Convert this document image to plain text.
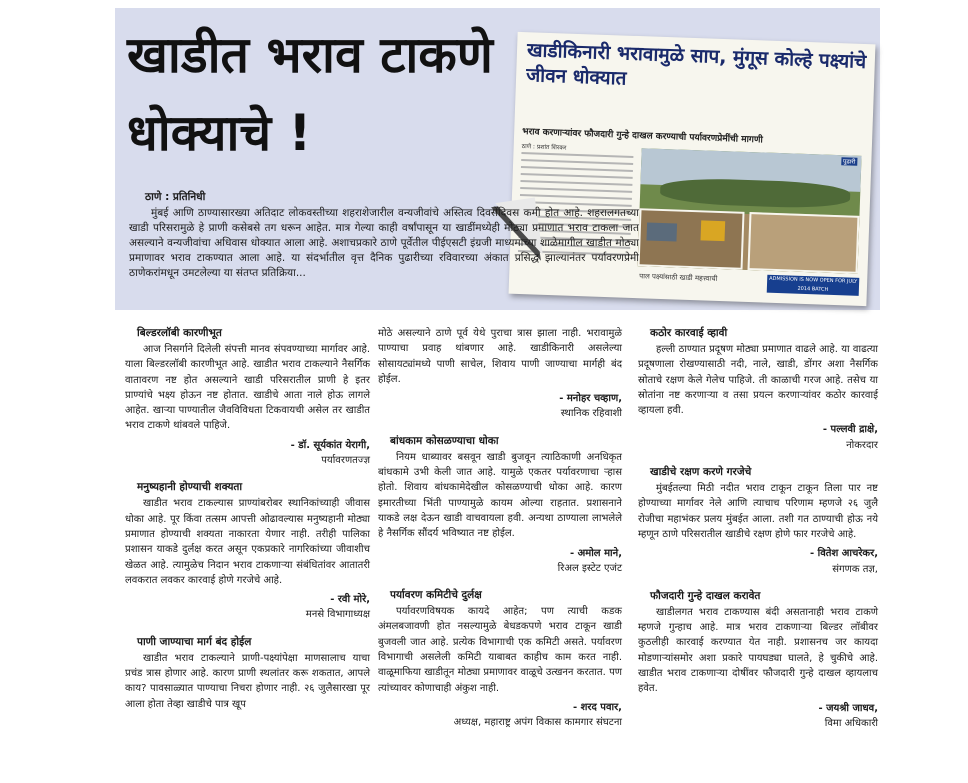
खाडीत भराव टाकणे धोक्याचे !
खाडीकिनारी भरावामुळे साप, मुंगूस कोल्हे पक्ष्यांचे जीवन धोक्यात
भराव करणाऱ्यांवर फौजदारी गुन्हे दाखल करण्याची पर्यावरणप्रेमींची मागणी
ठाणे : प्रशांत शिरकर
पुढारी
पाल पक्ष्यांसाठी खाडी महत्त्वाची	ADMISSION IS NOW OPEN FOR JULY 2014 BATCH
ठाणे : प्रतिनिधी
मुंबई आणि ठाण्यासारख्या अतिदाट लोकवस्तीच्या शहराशेजारील वन्यजीवांचे अस्तित्व दिवसेंदिवस कमी होत आहे. शहरालगतच्या खाडी परिसरामुळे हे प्राणी कसेबसे तग धरून आहेत. मात्र गेल्या काही वर्षांपासून या खाडींमध्येही मोठ्या प्रमाणात भराव टाकला जात असल्याने वन्यजीवांचा अधिवास धोक्यात आला आहे. अशाचप्रकारे ठाणे पूर्वेतील पीईएसटी इंग्रजी माध्यमाच्या शाळेमागील खाडीत मोठ्या प्रमाणावर भराव टाकण्यात आला आहे. या संदर्भातील वृत्त दैनिक पुढारीच्या रविवारच्या अंकात प्रसिद्ध झाल्यानंतर पर्यावरणप्रेमी ठाणेकरांमधून उमटलेल्या या संतप्त प्रतिक्रिया...
बिल्डरलॉबी कारणीभूत

आज निसर्गाने दिलेली संपत्ती मानव संपवण्याच्या मार्गावर आहे. याला बिल्डरलॉबी कारणीभूत आहे. खाडीत भराव टाकल्याने नैसर्गिक वातावरण नष्ट होत असल्याने खाडी परिसरातील प्राणी हे इतर प्राण्यांचे भक्ष्य होऊन नष्ट होतात. खाडीचे आता नाले होऊ लागले आहेत. खाऱ्या पाण्यातील जैवविविधता टिकवायची असेल तर खाडीत भराव टाकणे थांबवले पाहिजे.

- डॉ. सूर्यकांत येरागी,
पर्यावरणतज्ज्ञ
मनुष्यहानी होण्याची शक्यता

खाडीत भराव टाकल्यास प्राण्यांबरोबर स्थानिकांच्याही जीवास धोका आहे. पूर किंवा तत्सम आपत्ती ओढावल्यास मनुष्यहानी मोठ्या प्रमाणात होण्याची शक्यता नाकारता येणार नाही. तरीही पालिका प्रशासन याकडे दुर्लक्ष करत असून एकप्रकारे नागरिकांच्या जीवाशीच खेळत आहे. त्यामुळेच निदान भराव टाकणाऱ्या संबंधितांवर आतातरी लवकरात लवकर कारवाई होणे गरजेचे आहे.

- रवी मोरे,
मनसे विभागाध्यक्ष
पाणी जाण्याचा मार्ग बंद होईल

खाडीत भराव टाकल्याने प्राणी-पक्ष्यांपेक्षा माणसालाच याचा प्रचंड त्रास होणार आहे. कारण प्राणी स्थलांतर करू शकतात, आपले काय? पावसाळ्यात पाण्याचा निचरा होणार नाही. २६ जुलैसारखा पूर आला होता तेव्हा खाडीचे पात्र खूप

मोठे असल्याने ठाणे पूर्व येथे पुराचा त्रास झाला नाही. भरावामुळे पाण्याचा प्रवाह थांबणार आहे. खाडीकिनारी असलेल्या सोसायट्यांमध्ये पाणी साचेल, शिवाय पाणी जाण्याचा मार्गही बंद होईल.

- मनोहर चव्हाण,
स्थानिक रहिवाशी
बांधकाम कोसळण्याचा धोका

नियम धाब्यावर बसवून खाडी बुजवून त्याठिकाणी अनधिकृत बांधकामे उभी केली जात आहे. यामुळे एकतर पर्यावरणाचा ऱ्हास होतो. शिवाय बांधकामेदेखील कोसळण्याची धोका आहे. कारण इमारतीच्या भिंती पाण्यामुळे कायम ओल्या राहतात. प्रशासनाने याकडे लक्ष देऊन खाडी वाचवायला हवी. अन्यथा ठाण्याला लाभलेले हे नैसर्गिक सौंदर्य भविष्यात नष्ट होईल.

- अमोल माने,
रिअल इस्टेट एजंट
पर्यावरण कमिटीचे दुर्लक्ष

पर्यावरणविषयक कायदे आहेत; पण त्याची कडक अंमलबजावणी होत नसल्यामुळे बेधडकपणे भराव टाकून खाडी बुजवली जात आहे. प्रत्येक विभागाची एक कमिटी असते. पर्यावरण विभागाची असलेली कमिटी याबाबत काहीच काम करत नाही. वाळूमाफिया खाडीतून मोठ्या प्रमाणावर वाळूचे उत्खनन करतात. पण त्यांच्यावर कोणाचाही अंकुश नाही.

- शरद पवार,
अध्यक्ष, महाराष्ट्र अपंग विकास कामगार संघटना
कठोर कारवाई व्हावी

हल्ली ठाण्यात प्रदूषण मोठ्या प्रमाणात वाढले आहे. या वाढत्या प्रदूषणाला रोखण्यासाठी नदी, नाले, खाडी, डोंगर अशा नैसर्गिक स्रोताचे रक्षण केले गेलेच पाहिजे. ती काळाची गरज आहे. तसेच या स्रोतांना नष्ट करणाऱ्या व तसा प्रयत्न करणाऱ्यांवर कठोर कारवाई व्हायला हवी.

- पल्लवी द्राक्षे,
नोकरदार
खाडीचे रक्षण करणे गरजेचे

मुंबईतल्या मिठी नदीत भराव टाकून टाकून तिला पार नष्ट होण्याच्या मार्गावर नेले आणि त्याचाच परिणाम म्हणजे २६ जुलै रोजीचा महाभंकर प्रलय मुंबईत आला. तशी गत ठाण्याची होऊ नये म्हणून ठाणे परिसरातील खाडीचे रक्षण होणे फार गरजेचे आहे.

- वितेश आचरेकर,
संगणक तज्ञ,
फौजदारी गुन्हे दाखल करावेत

खाडीलगत भराव टाकण्यास बंदी असतानाही भराव टाकणे म्हणजे गुन्हाच आहे. मात्र भराव टाकणाऱ्या बिल्डर लॉबीवर कुठलीही कारवाई करण्यात येत नाही. प्रशासनच जर कायदा मोडणाऱ्यांसमोर अशा प्रकारे पायघड्या घालते, हे चुकीचे आहे. खाडीत भराव टाकणाऱ्या दोषींवर फौजदारी गुन्हे दाखल व्हायलाच हवेत.

- जयश्री जाधव,
विमा अधिकारी
